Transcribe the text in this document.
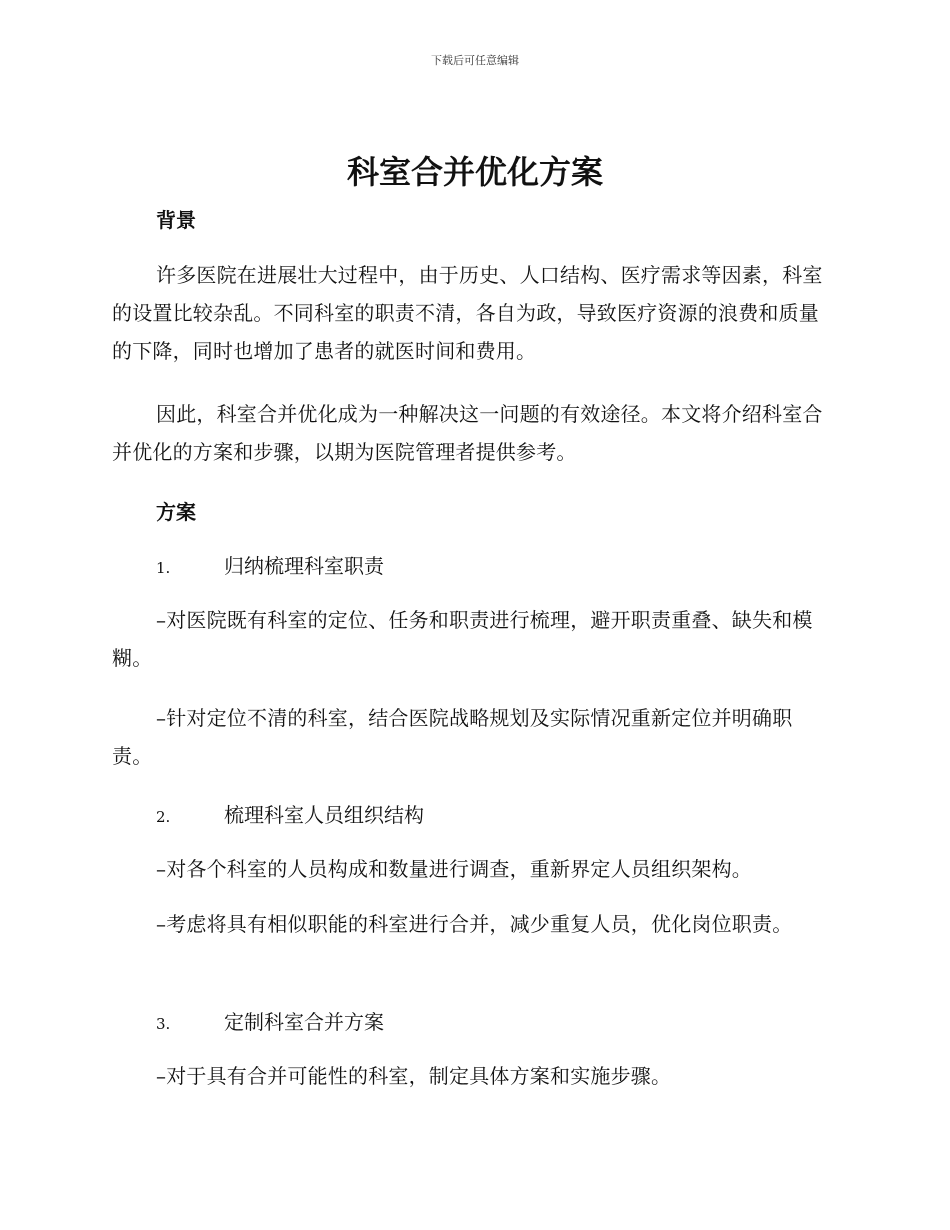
下载后可任意编辑
科室合并优化方案
背景

许多医院在进展壮大过程中，由于历史、人口结构、医疗需求等因素，科室的设置比较杂乱。不同科室的职责不清，各自为政，导致医疗资源的浪费和质量的下降，同时也增加了患者的就医时间和费用。

因此，科室合并优化成为一种解决这一问题的有效途径。本文将介绍科室合并优化的方案和步骤，以期为医院管理者提供参考。

方案
1.	归纳梳理科室职责

–对医院既有科室的定位、任务和职责进行梳理，避开职责重叠、缺失和模糊。

–针对定位不清的科室，结合医院战略规划及实际情况重新定位并明确职责。

2.	梳理科室人员组织结构

–对各个科室的人员构成和数量进行调查，重新界定人员组织架构。

–考虑将具有相似职能的科室进行合并，减少重复人员，优化岗位职责。

3.	定制科室合并方案

–对于具有合并可能性的科室，制定具体方案和实施步骤。
